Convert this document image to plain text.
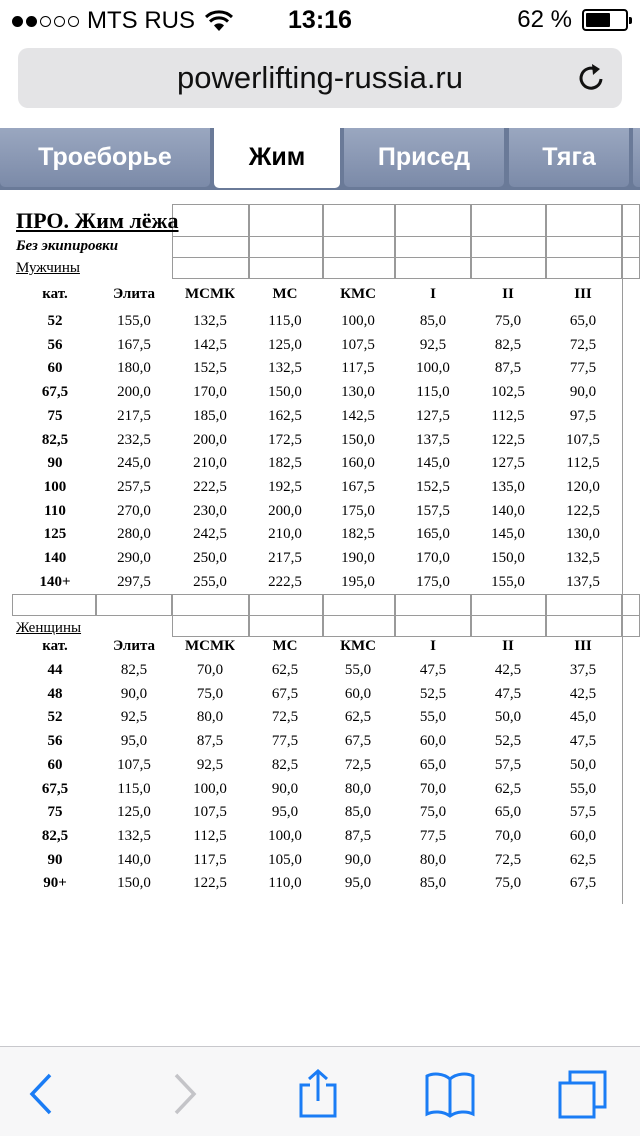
MTS RUS	13:16	62 %
powerlifting-russia.ru
Троеборье	Жим	Присед	Тяга
ПРО. Жим лёжа
Без экипировки
Мужчины
Женщины
кат.	Элита	МСМК	МС	КМС	I	II	III
52	155,0	132,5	115,0	100,0	85,0	75,0	65,0
56	167,5	142,5	125,0	107,5	92,5	82,5	72,5
60	180,0	152,5	132,5	117,5	100,0	87,5	77,5
67,5	200,0	170,0	150,0	130,0	115,0	102,5	90,0
75	217,5	185,0	162,5	142,5	127,5	112,5	97,5
82,5	232,5	200,0	172,5	150,0	137,5	122,5	107,5
90	245,0	210,0	182,5	160,0	145,0	127,5	112,5
100	257,5	222,5	192,5	167,5	152,5	135,0	120,0
110	270,0	230,0	200,0	175,0	157,5	140,0	122,5
125	280,0	242,5	210,0	182,5	165,0	145,0	130,0
140	290,0	250,0	217,5	190,0	170,0	150,0	132,5
140+	297,5	255,0	222,5	195,0	175,0	155,0	137,5
кат.	Элита	МСМК	МС	КМС	I	II	III
44	82,5	70,0	62,5	55,0	47,5	42,5	37,5
48	90,0	75,0	67,5	60,0	52,5	47,5	42,5
52	92,5	80,0	72,5	62,5	55,0	50,0	45,0
56	95,0	87,5	77,5	67,5	60,0	52,5	47,5
60	107,5	92,5	82,5	72,5	65,0	57,5	50,0
67,5	115,0	100,0	90,0	80,0	70,0	62,5	55,0
75	125,0	107,5	95,0	85,0	75,0	65,0	57,5
82,5	132,5	112,5	100,0	87,5	77,5	70,0	60,0
90	140,0	117,5	105,0	90,0	80,0	72,5	62,5
90+	150,0	122,5	110,0	95,0	85,0	75,0	67,5
